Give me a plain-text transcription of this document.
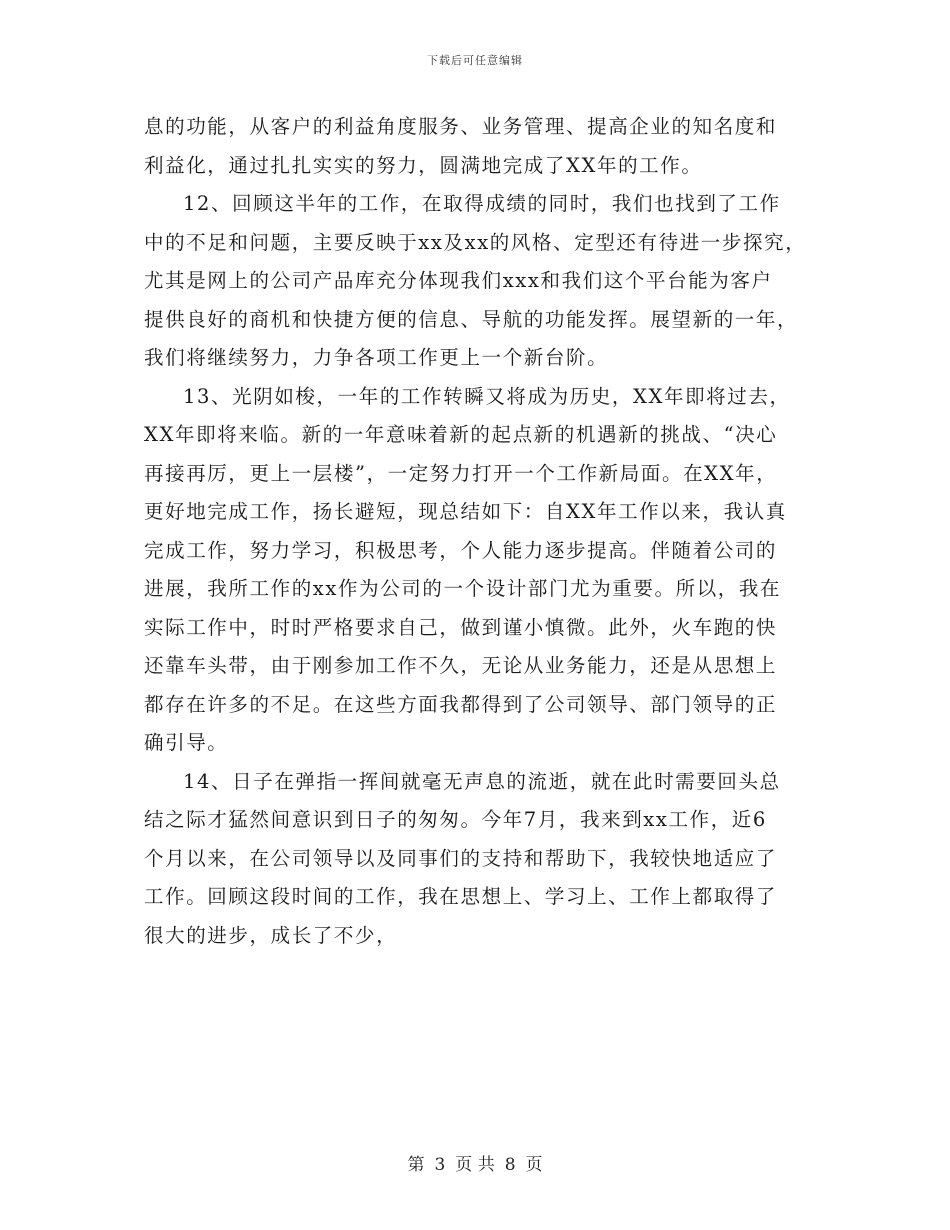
下载后可任意编辑
息的功能，从客户的利益角度服务、业务管理、提高企业的知名度和
利益化，通过扎扎实实的努力，圆满地完成了XX年的工作。
12、回顾这半年的工作，在取得成绩的同时，我们也找到了工作
中的不足和问题，主要反映于xx及xx的风格、定型还有待进一步探究，
尤其是网上的公司产品库充分体现我们xxx和我们这个平台能为客户
提供良好的商机和快捷方便的信息、导航的功能发挥。展望新的一年，
我们将继续努力，力争各项工作更上一个新台阶。
13、光阴如梭，一年的工作转瞬又将成为历史，XX年即将过去，
XX年即将来临。新的一年意味着新的起点新的机遇新的挑战、“决心
再接再厉，更上一层楼”，一定努力打开一个工作新局面。在XX年，
更好地完成工作，扬长避短，现总结如下：自XX年工作以来，我认真
完成工作，努力学习，积极思考，个人能力逐步提高。伴随着公司的
进展，我所工作的xx作为公司的一个设计部门尤为重要。所以，我在
实际工作中，时时严格要求自己，做到谨小慎微。此外，火车跑的快
还靠车头带，由于刚参加工作不久，无论从业务能力，还是从思想上
都存在许多的不足。在这些方面我都得到了公司领导、部门领导的正
确引导。
14、日子在弹指一挥间就毫无声息的流逝，就在此时需要回头总
结之际才猛然间意识到日子的匆匆。今年7月，我来到xx工作，近6
个月以来，在公司领导以及同事们的支持和帮助下，我较快地适应了
工作。回顾这段时间的工作，我在思想上、学习上、工作上都取得了
很大的进步，成长了不少，
第 3 页 共 8 页
